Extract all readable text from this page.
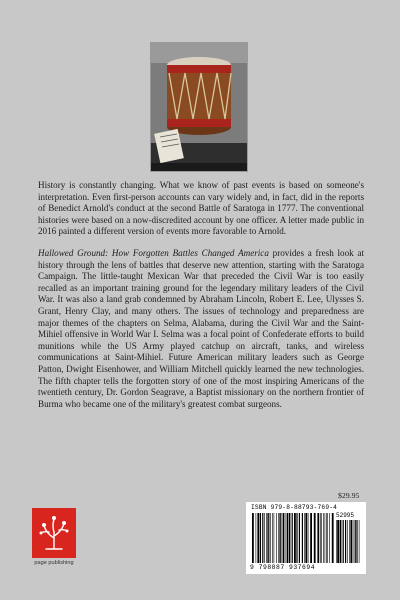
History is constantly changing. What we know of past events is based on someone's interpretation. Even first-person accounts can vary widely and, in fact, did in the reports of Benedict Arnold's conduct at the second Battle of Saratoga in 1777. The conventional histories were based on a now-discredited account by one officer. A letter made public in 2016 painted a different version of events more favorable to Arnold.

Hallowed Ground: How Forgotten Battles Changed America provides a fresh look at history through the lens of battles that deserve new attention, starting with the Saratoga Campaign. The little-taught Mexican War that preceded the Civil War is too easily recalled as an important training ground for the legendary military leaders of the Civil War. It was also a land grab condemned by Abraham Lincoln, Robert E. Lee, Ulysses S. Grant, Henry Clay, and many others. The issues of technology and preparedness are major themes of the chapters on Selma, Alabama, during the Civil War and the Saint-Mihiel offensive in World War I. Selma was a focal point of Confederate efforts to build munitions while the US Army played catchup on aircraft, tanks, and wireless communications at Saint-Mihiel. Future American military leaders such as George Patton, Dwight Eisenhower, and William Mitchell quickly learned the new technologies. The fifth chapter tells the forgotten story of one of the most inspiring Americans of the twentieth century, Dr. Gordon Seagrave, a Baptist missionary on the northern frontier of Burma who became one of the military's greatest combat surgeons.

page publishing
$29.95
ISBN 979-8-88793-769-4
52995
9 798887 937694
